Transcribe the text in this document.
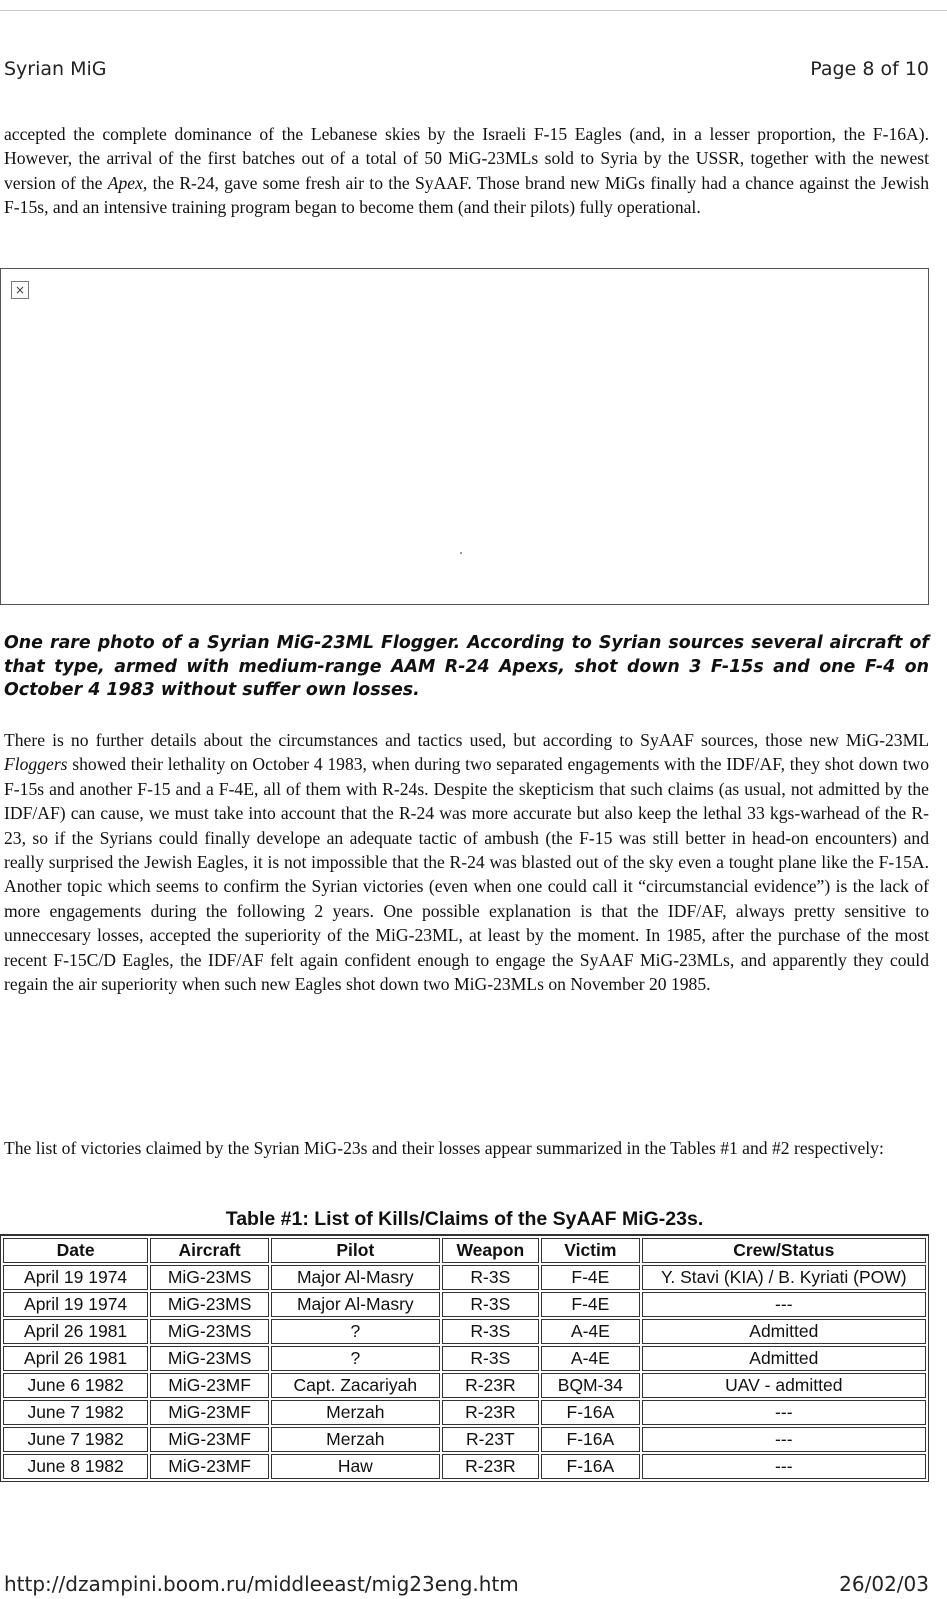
Syrian MiG	Page 8 of 10

accepted the complete dominance of the Lebanese skies by the Israeli F-15 Eagles (and, in a lesser proportion, the F-16A). However, the arrival of the first batches out of a total of 50 MiG-23MLs sold to Syria by the USSR, together with the newest version of the Apex, the R-24, gave some fresh air to the SyAAF. Those brand new MiGs finally had a chance against the Jewish F-15s, and an intensive training program began to become them (and their pilots) fully operational.

×

One rare photo of a Syrian MiG-23ML Flogger. According to Syrian sources several aircraft of that type, armed with medium-range AAM R-24 Apexs, shot down 3 F-15s and one F-4 on October 4 1983 without suffer own losses.

There is no further details about the circumstances and tactics used, but according to SyAAF sources, those new MiG-23ML Floggers showed their lethality on October 4 1983, when during two separated engagements with the IDF/AF, they shot down two F-15s and another F-15 and a F-4E, all of them with R-24s. Despite the skepticism that such claims (as usual, not admitted by the IDF/AF) can cause, we must take into account that the R-24 was more accurate but also keep the lethal 33 kgs-warhead of the R-23, so if the Syrians could finally develope an adequate tactic of ambush (the F-15 was still better in head-on encounters) and really surprised the Jewish Eagles, it is not impossible that the R-24 was blasted out of the sky even a tought plane like the F-15A. Another topic which seems to confirm the Syrian victories (even when one could call it “circumstancial evidence”) is the lack of more engagements during the following 2 years. One possible explanation is that the IDF/AF, always pretty sensitive to unneccesary losses, accepted the superiority of the MiG-23ML, at least by the moment. In 1985, after the purchase of the most recent F-15C/D Eagles, the IDF/AF felt again confident enough to engage the SyAAF MiG-23MLs, and apparently they could regain the air superiority when such new Eagles shot down two MiG-23MLs on November 20 1985.

The list of victories claimed by the Syrian MiG-23s and their losses appear summarized in the Tables #1 and #2 respectively:

Table #1: List of Kills/Claims of the SyAAF MiG-23s.
Date	Aircraft	Pilot	Weapon	Victim	Crew/Status
April 19 1974	MiG-23MS	Major Al-Masry	R-3S	F-4E	Y. Stavi (KIA) / B. Kyriati (POW)
April 19 1974	MiG-23MS	Major Al-Masry	R-3S	F-4E	---
April 26 1981	MiG-23MS	?	R-3S	A-4E	Admitted
April 26 1981	MiG-23MS	?	R-3S	A-4E	Admitted
June 6 1982	MiG-23MF	Capt. Zacariyah	R-23R	BQM-34	UAV - admitted
June 7 1982	MiG-23MF	Merzah	R-23R	F-16A	---
June 7 1982	MiG-23MF	Merzah	R-23T	F-16A	---
June 8 1982	MiG-23MF	Haw	R-23R	F-16A	---
http://dzampini.boom.ru/middleeast/mig23eng.htm	26/02/03
